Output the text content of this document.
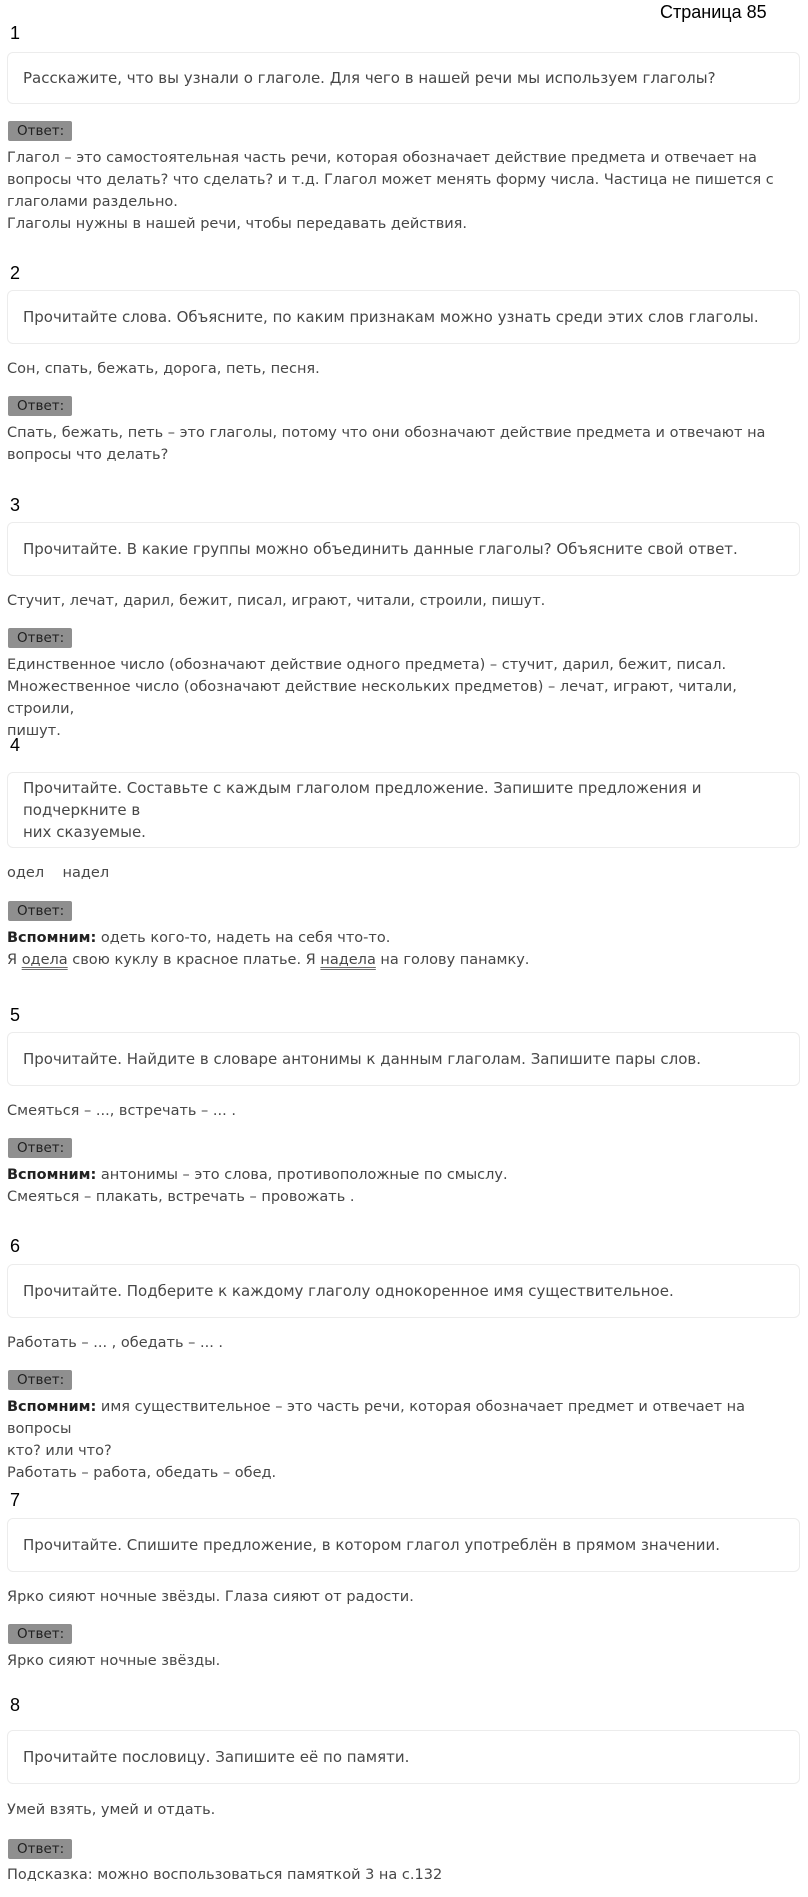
Страница 85
1
Расскажите, что вы узнали о глаголе. Для чего в нашей речи мы используем глаголы?
Ответ:

Глагол – это самостоятельная часть речи, которая обозначает действие предмета и отвечает на

вопросы что делать? что сделать? и т.д. Глагол может менять форму числа. Частица не пишется с

глаголами раздельно.

Глаголы нужны в нашей речи, чтобы передавать действия.

2
Прочитайте слова. Объясните, по каким признакам можно узнать среди этих слов глаголы.
Сон, спать, бежать, дорога, петь, песня.
Ответ:

Спать, бежать, петь – это глаголы, потому что они обозначают действие предмета и отвечают на

вопросы что делать?

3
Прочитайте. В какие группы можно объединить данные глаголы? Объясните свой ответ.
Стучит, лечат, дарил, бежит, писал, играют, читали, строили, пишут.
Ответ:

Единственное число (обозначают действие одного предмета) – стучит, дарил, бежит, писал.

Множественное число (обозначают действие нескольких предметов) – лечат, играют, читали, строили,

пишут.

4
Прочитайте. Составьте с каждым глаголом предложение. Запишите предложения и подчеркните в
них сказуемые.
одел    надел
Ответ:

Вспомним: одеть кого-то, надеть на себя что-то.

Я одела свою куклу в красное платье. Я надела на голову панамку.

5
Прочитайте. Найдите в словаре антонимы к данным глаголам. Запишите пары слов.
Смеяться – ..., встречать – ... .
Ответ:

Вспомним: антонимы – это слова, противоположные по смыслу.

Смеяться – плакать, встречать – провожать .

6
Прочитайте. Подберите к каждому глаголу однокоренное имя существительное.
Работать – ... , обедать – ... .
Ответ:

Вспомним: имя существительное – это часть речи, которая обозначает предмет и отвечает на вопросы

кто? или что?

Работать – работа, обедать – обед.

7
Прочитайте. Спишите предложение, в котором глагол употреблён в прямом значении.
Ярко сияют ночные звёзды. Глаза сияют от радости.
Ответ:

Ярко сияют ночные звёзды.

8
Прочитайте пословицу. Запишите её по памяти.
Умей взять, умей и отдать.
Ответ:

Подсказка: можно воспользоваться памяткой 3 на с.132
